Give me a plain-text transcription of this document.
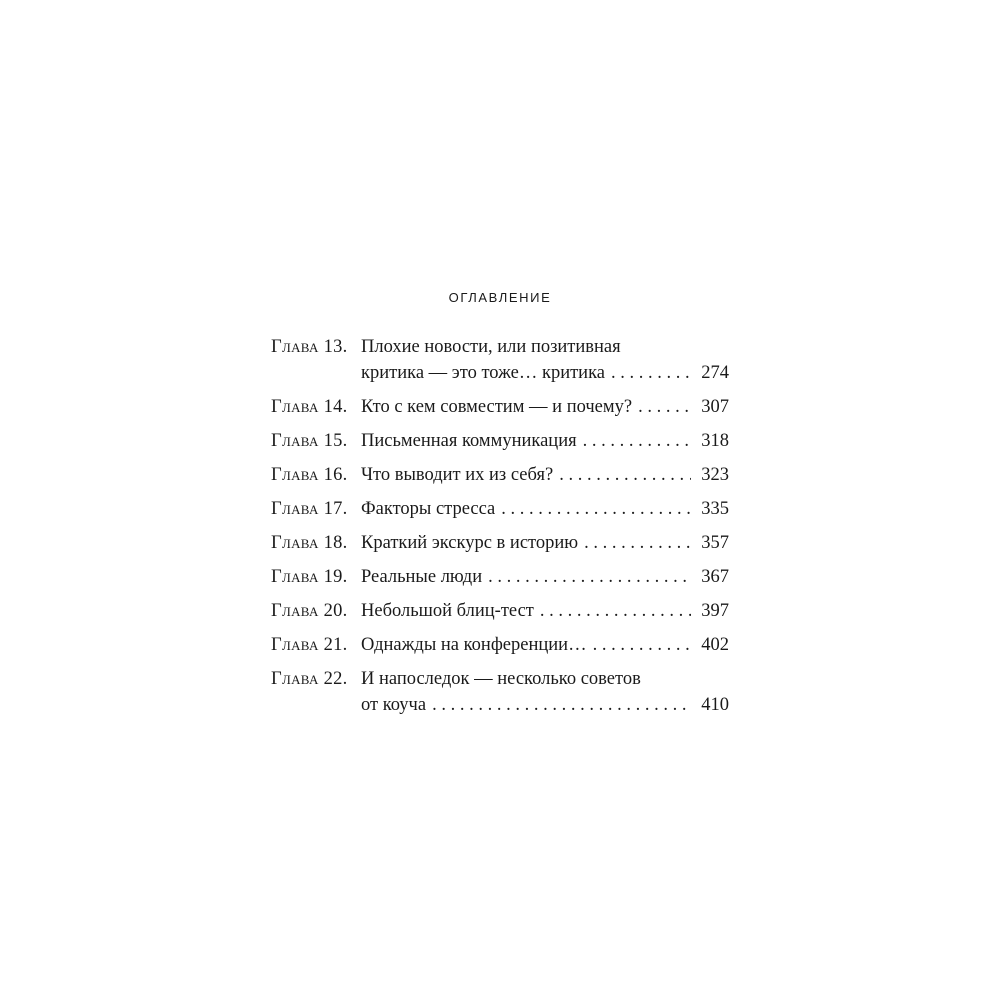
ОГЛАВЛЕНИЕ
Глава 13. Плохие новости, или позитивная
критика — это тоже… критика . . .	274
Глава 14. Кто с кем совместим — и почему? . . .	307
Глава 15. Письменная коммуникация . . .	318
Глава 16. Что выводит их из себя? . . .	323
Глава 17. Факторы стресса . . .	335
Глава 18. Краткий экскурс в историю . . .	357
Глава 19. Реальные люди . . .	367
Глава 20. Небольшой блиц-тест . . .	397
Глава 21. Однажды на конференции… . . .	402
Глава 22. И напоследок — несколько советов
от коуча . . .	410
